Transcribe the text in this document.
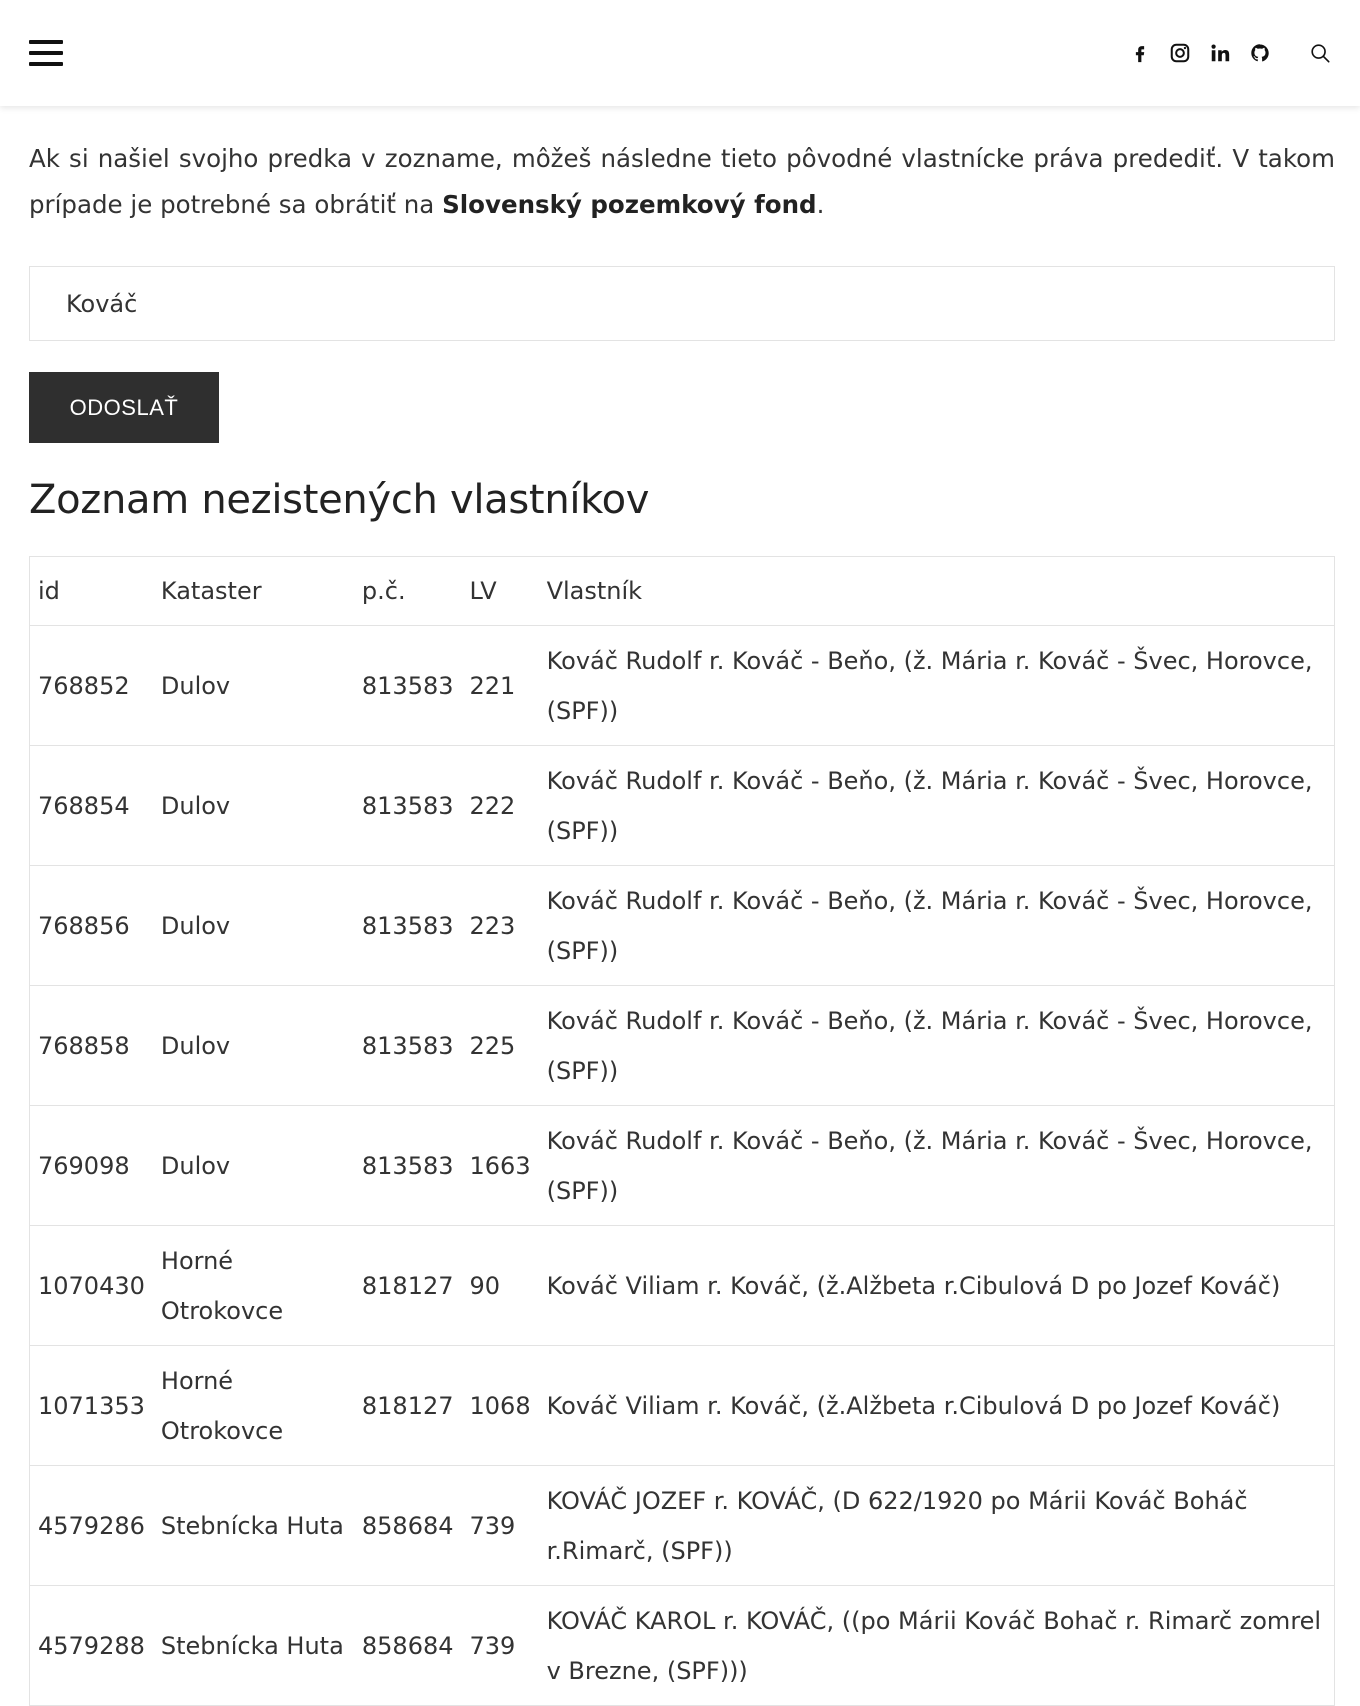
Ak si našiel svojho predka v zozname, môžeš následne tieto pôvodné vlastnícke práva predediť. V takom prípade je potrebné sa obrátiť na Slovenský pozemkový fond.

Kováč
ODOSLAŤ
Zoznam nezistených vlastníkov
id	Kataster	p.č.	LV	Vlastník
768852	Dulov	813583	221	Kováč Rudolf r. Kováč - Beňo, (ž. Mária r. Kováč - Švec, Horovce, (SPF))
768854	Dulov	813583	222	Kováč Rudolf r. Kováč - Beňo, (ž. Mária r. Kováč - Švec, Horovce, (SPF))
768856	Dulov	813583	223	Kováč Rudolf r. Kováč - Beňo, (ž. Mária r. Kováč - Švec, Horovce, (SPF))
768858	Dulov	813583	225	Kováč Rudolf r. Kováč - Beňo, (ž. Mária r. Kováč - Švec, Horovce, (SPF))
769098	Dulov	813583	1663	Kováč Rudolf r. Kováč - Beňo, (ž. Mária r. Kováč - Švec, Horovce, (SPF))
1070430	Horné Otrokovce	818127	90	Kováč Viliam r. Kováč, (ž.Alžbeta r.Cibulová D po Jozef Kováč)
1071353	Horné Otrokovce	818127	1068	Kováč Viliam r. Kováč, (ž.Alžbeta r.Cibulová D po Jozef Kováč)
4579286	Stebnícka Huta	858684	739	KOVÁČ JOZEF r. KOVÁČ, (D 622/1920 po Márii Kováč Boháč r.Rimarč, (SPF))
4579288	Stebnícka Huta	858684	739	KOVÁČ KAROL r. KOVÁČ, ((po Márii Kováč Bohač r. Rimarč zomrel v Brezne, (SPF)))
